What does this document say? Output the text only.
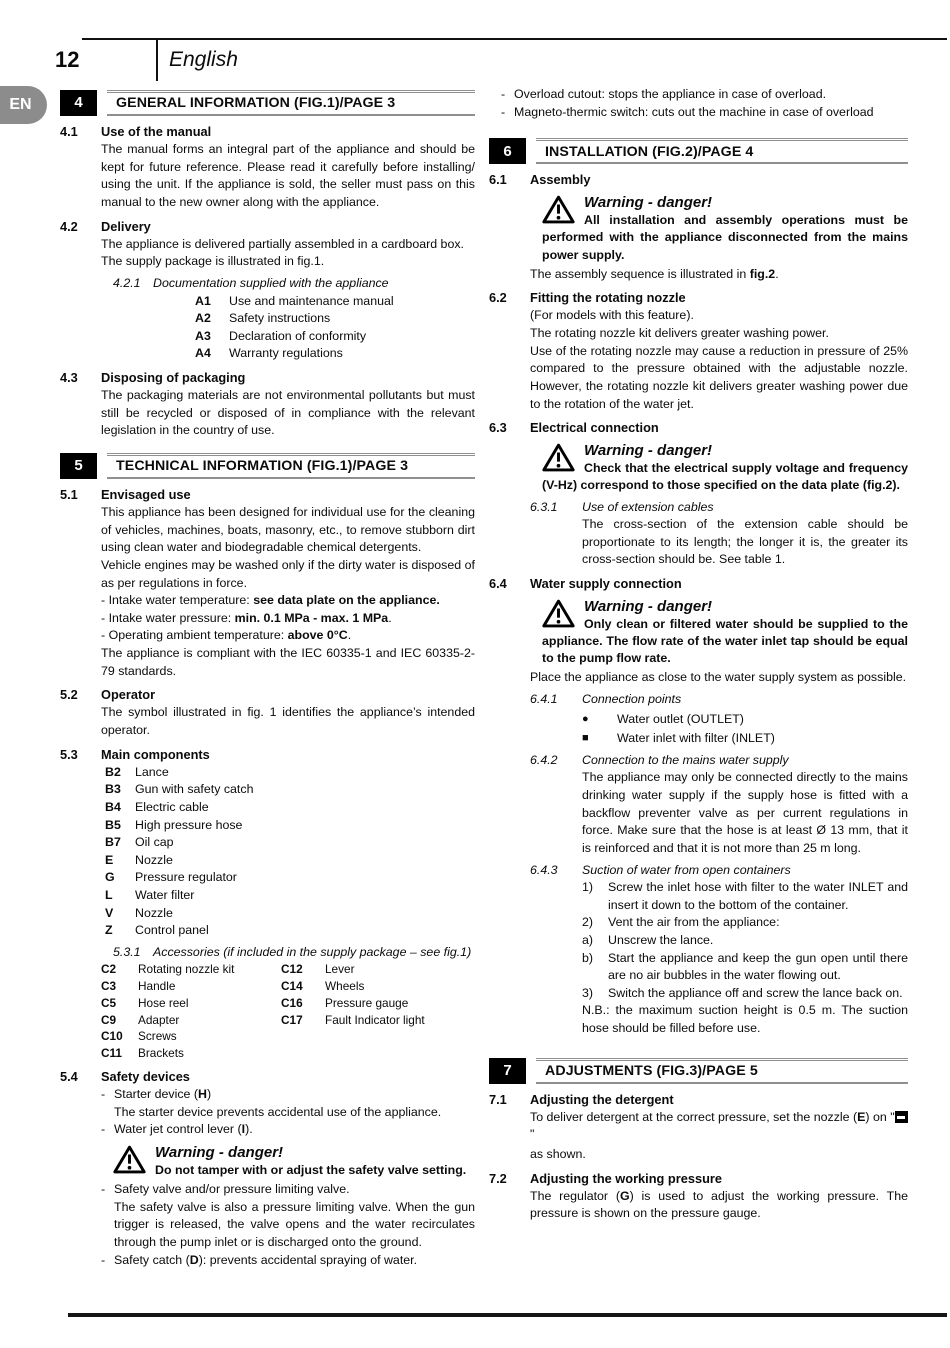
12	English
EN	4	GENERAL INFORMATION (FIG.1)/PAGE 3
4.1	Use of the manual
The manual forms an integral part of the appliance and should be kept for future reference. Please read it carefully before installing/ using the unit. If the appliance is sold, the seller must pass on this manual to the new owner along with the appliance.
4.2	Delivery
The appliance is delivered partially assembled in a cardboard box.
The supply package is illustrated in fig.1.
4.2.1	Documentation supplied with the appliance
A1	Use and maintenance manual
A2	Safety instructions
A3	Declaration of conformity
A4	Warranty regulations
4.3	Disposing of packaging
The packaging materials are not environmental pollutants but must still be recycled or disposed of in compliance with the relevant legislation in the country of use.
5	TECHNICAL INFORMATION (FIG.1)/PAGE 3
5.1	Envisaged use
This appliance has been designed for individual use for the cleaning of vehicles, machines, boats, masonry, etc., to remove stubborn dirt using clean water and biodegradable chemical detergents.
Vehicle engines may be washed only if the dirty water is disposed of as per regulations in force.
- Intake water temperature: see data plate on the appliance.
- Intake water pressure: min. 0.1 MPa - max. 1 MPa.
- Operating ambient temperature: above 0°C.
The appliance is compliant with the IEC 60335-1 and IEC 60335-2-79 standards.
5.2	Operator
The symbol illustrated in fig. 1 identifies the appliance’s intended operator.
5.3	Main components
B2	Lance
B3	Gun with safety catch
B4	Electric cable
B5	High pressure hose
B7	Oil cap
E	Nozzle
G	Pressure regulator
L	Water filter
V	Nozzle
Z	Control panel
5.3.1	Accessories (if included in the supply package – see fig.1)
C2	Rotating nozzle kit	C12	Lever
C3	Handle	C14	Wheels
C5	Hose reel	C16	Pressure gauge
C9	Adapter	C17	Fault Indicator light
C10	Screws
C11	Brackets
5.4	Safety devices
- Starter device (H)
The starter device prevents accidental use of the appliance.
- Water jet control lever (I).
Warning - danger!
Do not tamper with or adjust the safety valve setting.
- Safety valve and/or pressure limiting valve.
The safety valve is also a pressure limiting valve. When the gun trigger is released, the valve opens and the water recirculates through the pump inlet or is discharged onto the ground.
- Safety catch (D): prevents accidental spraying of water.
- Overload cutout: stops the appliance in case of overload.
- Magneto-thermic switch: cuts out the machine in case of overload
6	INSTALLATION (FIG.2)/PAGE 4
6.1	Assembly
Warning - danger!
All installation and assembly operations must be performed with the appliance disconnected from the mains power supply.
The assembly sequence is illustrated in fig.2.
6.2	Fitting the rotating nozzle
(For models with this feature).
The rotating nozzle kit delivers greater washing power.
Use of the rotating nozzle may cause a reduction in pressure of 25% compared to the pressure obtained with the adjustable nozzle. However, the rotating nozzle kit delivers greater washing power due to the rotation of the water jet.
6.3	Electrical connection
Warning - danger!
Check that the electrical supply voltage and frequency (V-Hz) correspond to those specified on the data plate (fig.2).
6.3.1	Use of extension cables
The cross-section of the extension cable should be proportionate to its length; the longer it is, the greater its cross-section should be. See table 1.
6.4	Water supply connection
Warning - danger!
Only clean or filtered water should be supplied to the appliance. The flow rate of the water inlet tap should be equal to the pump flow rate.
Place the appliance as close to the water supply system as possible.
6.4.1	Connection points
●	Water outlet (OUTLET)
■	Water inlet with filter (INLET)
6.4.2	Connection to the mains water supply
The appliance may only be connected directly to the mains drinking water supply if the supply hose is fitted with a backflow preventer valve as per current regulations in force. Make sure that the hose is at least Ø 13 mm, that it is reinforced and that it is not more than 25 m long.
6.4.3	Suction of water from open containers
1)	Screw the inlet hose with filter to the water INLET and insert it down to the bottom of the container.
2)	Vent the air from the appliance:
a)	Unscrew the lance.
b)	Start the appliance and keep the gun open until there are no air bubbles in the water flowing out.
3)	Switch the appliance off and screw the lance back on.
N.B.: the maximum suction height is 0.5 m. The suction hose should be filled before use.
7	ADJUSTMENTS (FIG.3)/PAGE 5
7.1	Adjusting the detergent
To deliver detergent at the correct pressure, set the nozzle (E) on "
"
as shown.
7.2	Adjusting the working pressure
The regulator (G) is used to adjust the working pressure. The pressure is shown on the pressure gauge.
